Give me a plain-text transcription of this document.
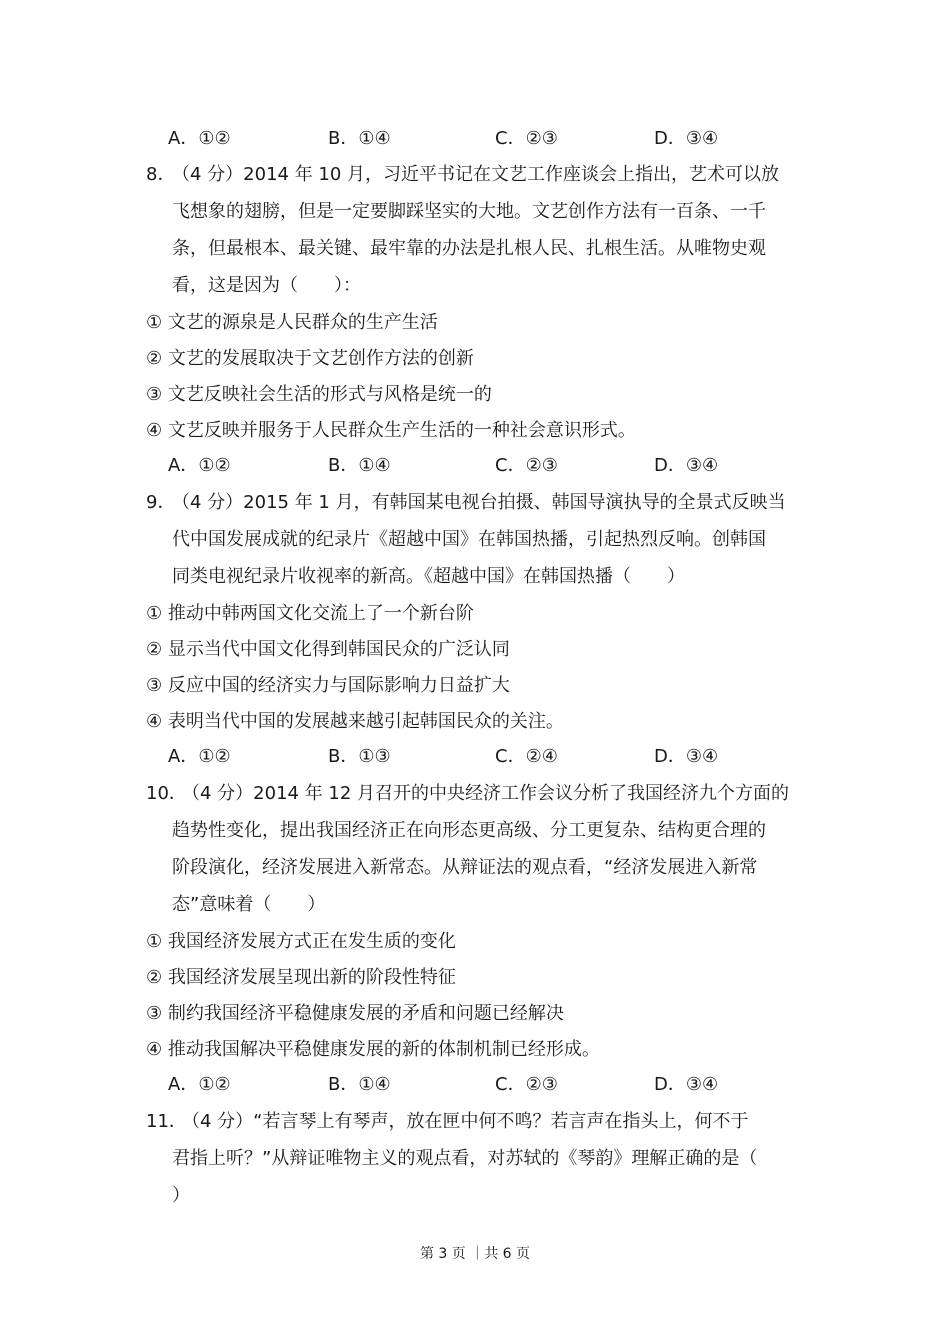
A．①②	B．①④	C．②③	D．③④
8．
（4 分）2014 年 10 月，习近平书记在文艺工作座谈会上指出，艺术可以放
飞想象的翅膀，但是一定要脚踩坚实的大地。文艺创作方法有一百条、一千
条，但最根本、最关键、最牢靠的办法是扎根人民、扎根生活。从唯物史观
看，这是因为（　　）：
① 文艺的源泉是人民群众的生产生活
② 文艺的发展取决于文艺创作方法的创新
③ 文艺反映社会生活的形式与风格是统一的
④ 文艺反映并服务于人民群众生产生活的一种社会意识形式。
A．①②	B．①④	C．②③	D．③④
9．
（4 分）2015 年 1 月，有韩国某电视台拍摄、韩国导演执导的全景式反映当
代中国发展成就的纪录片《超越中国》在韩国热播，引起热烈反响。创韩国
同类电视纪录片收视率的新高。《超越中国》在韩国热播（　　）
① 推动中韩两国文化交流上了一个新台阶
② 显示当代中国文化得到韩国民众的广泛认同
③ 反应中国的经济实力与国际影响力日益扩大
④ 表明当代中国的发展越来越引起韩国民众的关注。
A．①②	B．①③	C．②④	D．③④
10．
（4 分）2014 年 12 月召开的中央经济工作会议分析了我国经济九个方面的
趋势性变化，提出我国经济正在向形态更高级、分工更复杂、结构更合理的
阶段演化，经济发展进入新常态。从辩证法的观点看，“经济发展进入新常
态”意味着（　　）
① 我国经济发展方式正在发生质的变化
② 我国经济发展呈现出新的阶段性特征
③ 制约我国经济平稳健康发展的矛盾和问题已经解决
④ 推动我国解决平稳健康发展的新的体制机制已经形成。
A．①②	B．①④	C．②③	D．③④
11．
（4 分）“若言琴上有琴声，放在匣中何不鸣？若言声在指头上，何不于
君指上听？”从辩证唯物主义的观点看，对苏轼的《琴韵》理解正确的是（
）
第 3 页 ｜共 6 页
